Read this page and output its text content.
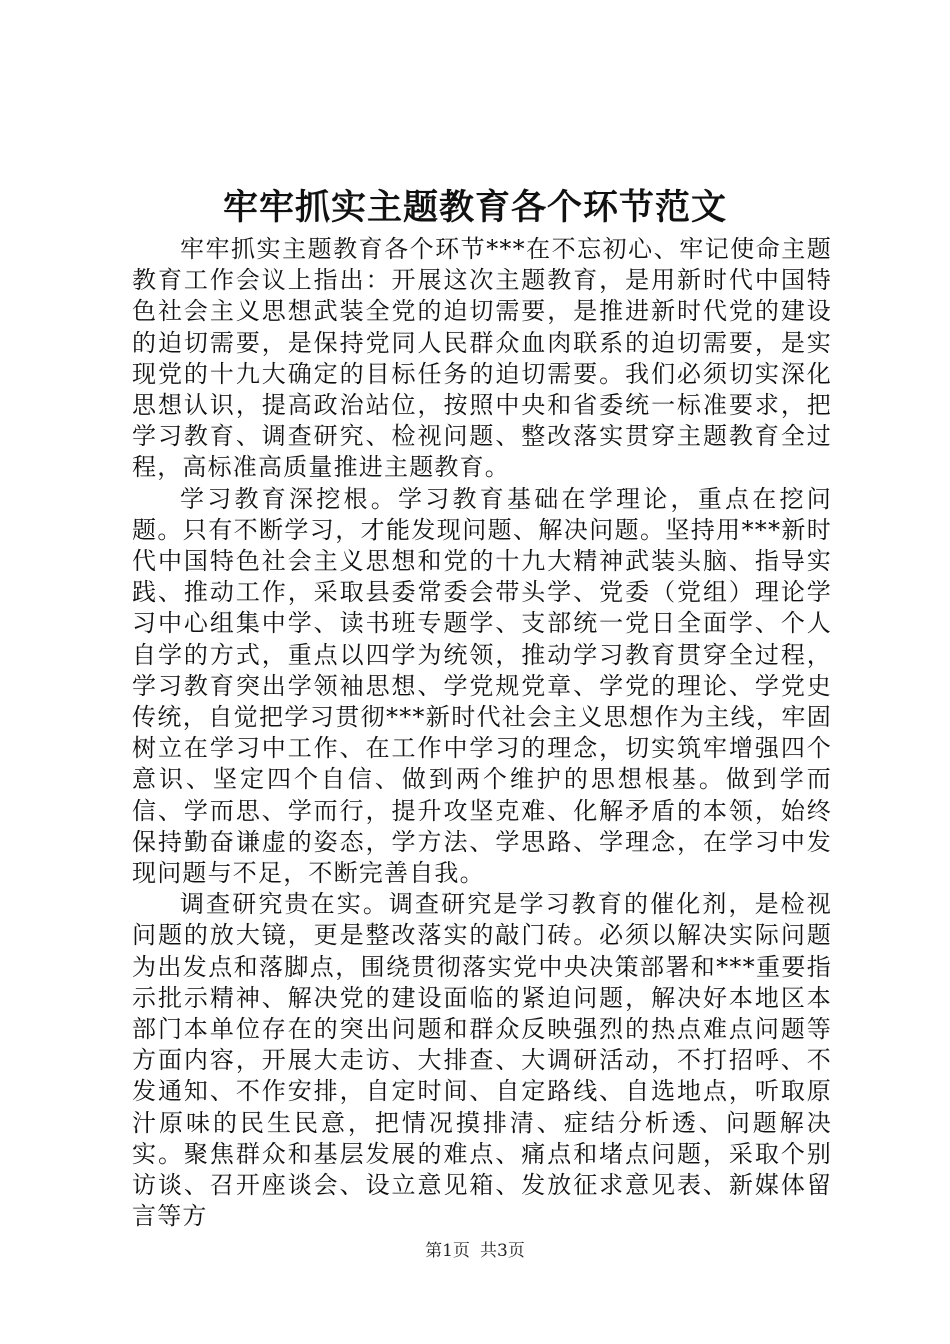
牢牢抓实主题教育各个环节范文

牢牢抓实主题教育各个环节***在不忘初心、牢记使命主题教育工作会议上指出：开展这次主题教育，是用新时代中国特色社会主义思想武装全党的迫切需要，是推进新时代党的建设的迫切需要，是保持党同人民群众血肉联系的迫切需要，是实现党的十九大确定的目标任务的迫切需要。我们必须切实深化思想认识，提高政治站位，按照中央和省委统一标准要求，把学习教育、调查研究、检视问题、整改落实贯穿主题教育全过程，高标准高质量推进主题教育。

学习教育深挖根。学习教育基础在学理论，重点在挖问题。只有不断学习，才能发现问题、解决问题。坚持用***新时代中国特色社会主义思想和党的十九大精神武装头脑、指导实践、推动工作，采取县委常委会带头学、党委（党组）理论学习中心组集中学、读书班专题学、支部统一党日全面学、个人自学的方式，重点以四学为统领，推动学习教育贯穿全过程，学习教育突出学领袖思想、学党规党章、学党的理论、学党史传统，自觉把学习贯彻***新时代社会主义思想作为主线，牢固树立在学习中工作、在工作中学习的理念，切实筑牢增强四个意识、坚定四个自信、做到两个维护的思想根基。做到学而信、学而思、学而行，提升攻坚克难、化解矛盾的本领，始终保持勤奋谦虚的姿态，学方法、学思路、学理念，在学习中发现问题与不足，不断完善自我。

调查研究贵在实。调查研究是学习教育的催化剂，是检视问题的放大镜，更是整改落实的敲门砖。必须以解决实际问题为出发点和落脚点，围绕贯彻落实党中央决策部署和***重要指示批示精神、解决党的建设面临的紧迫问题，解决好本地区本部门本单位存在的突出问题和群众反映强烈的热点难点问题等方面内容，开展大走访、大排查、大调研活动，不打招呼、不发通知、不作安排，自定时间、自定路线、自选地点，听取原汁原味的民生民意，把情况摸排清、症结分析透、问题解决实。聚焦群众和基层发展的难点、痛点和堵点问题，采取个别访谈、召开座谈会、设立意见箱、发放征求意见表、新媒体留言等方

第1页 共3页
